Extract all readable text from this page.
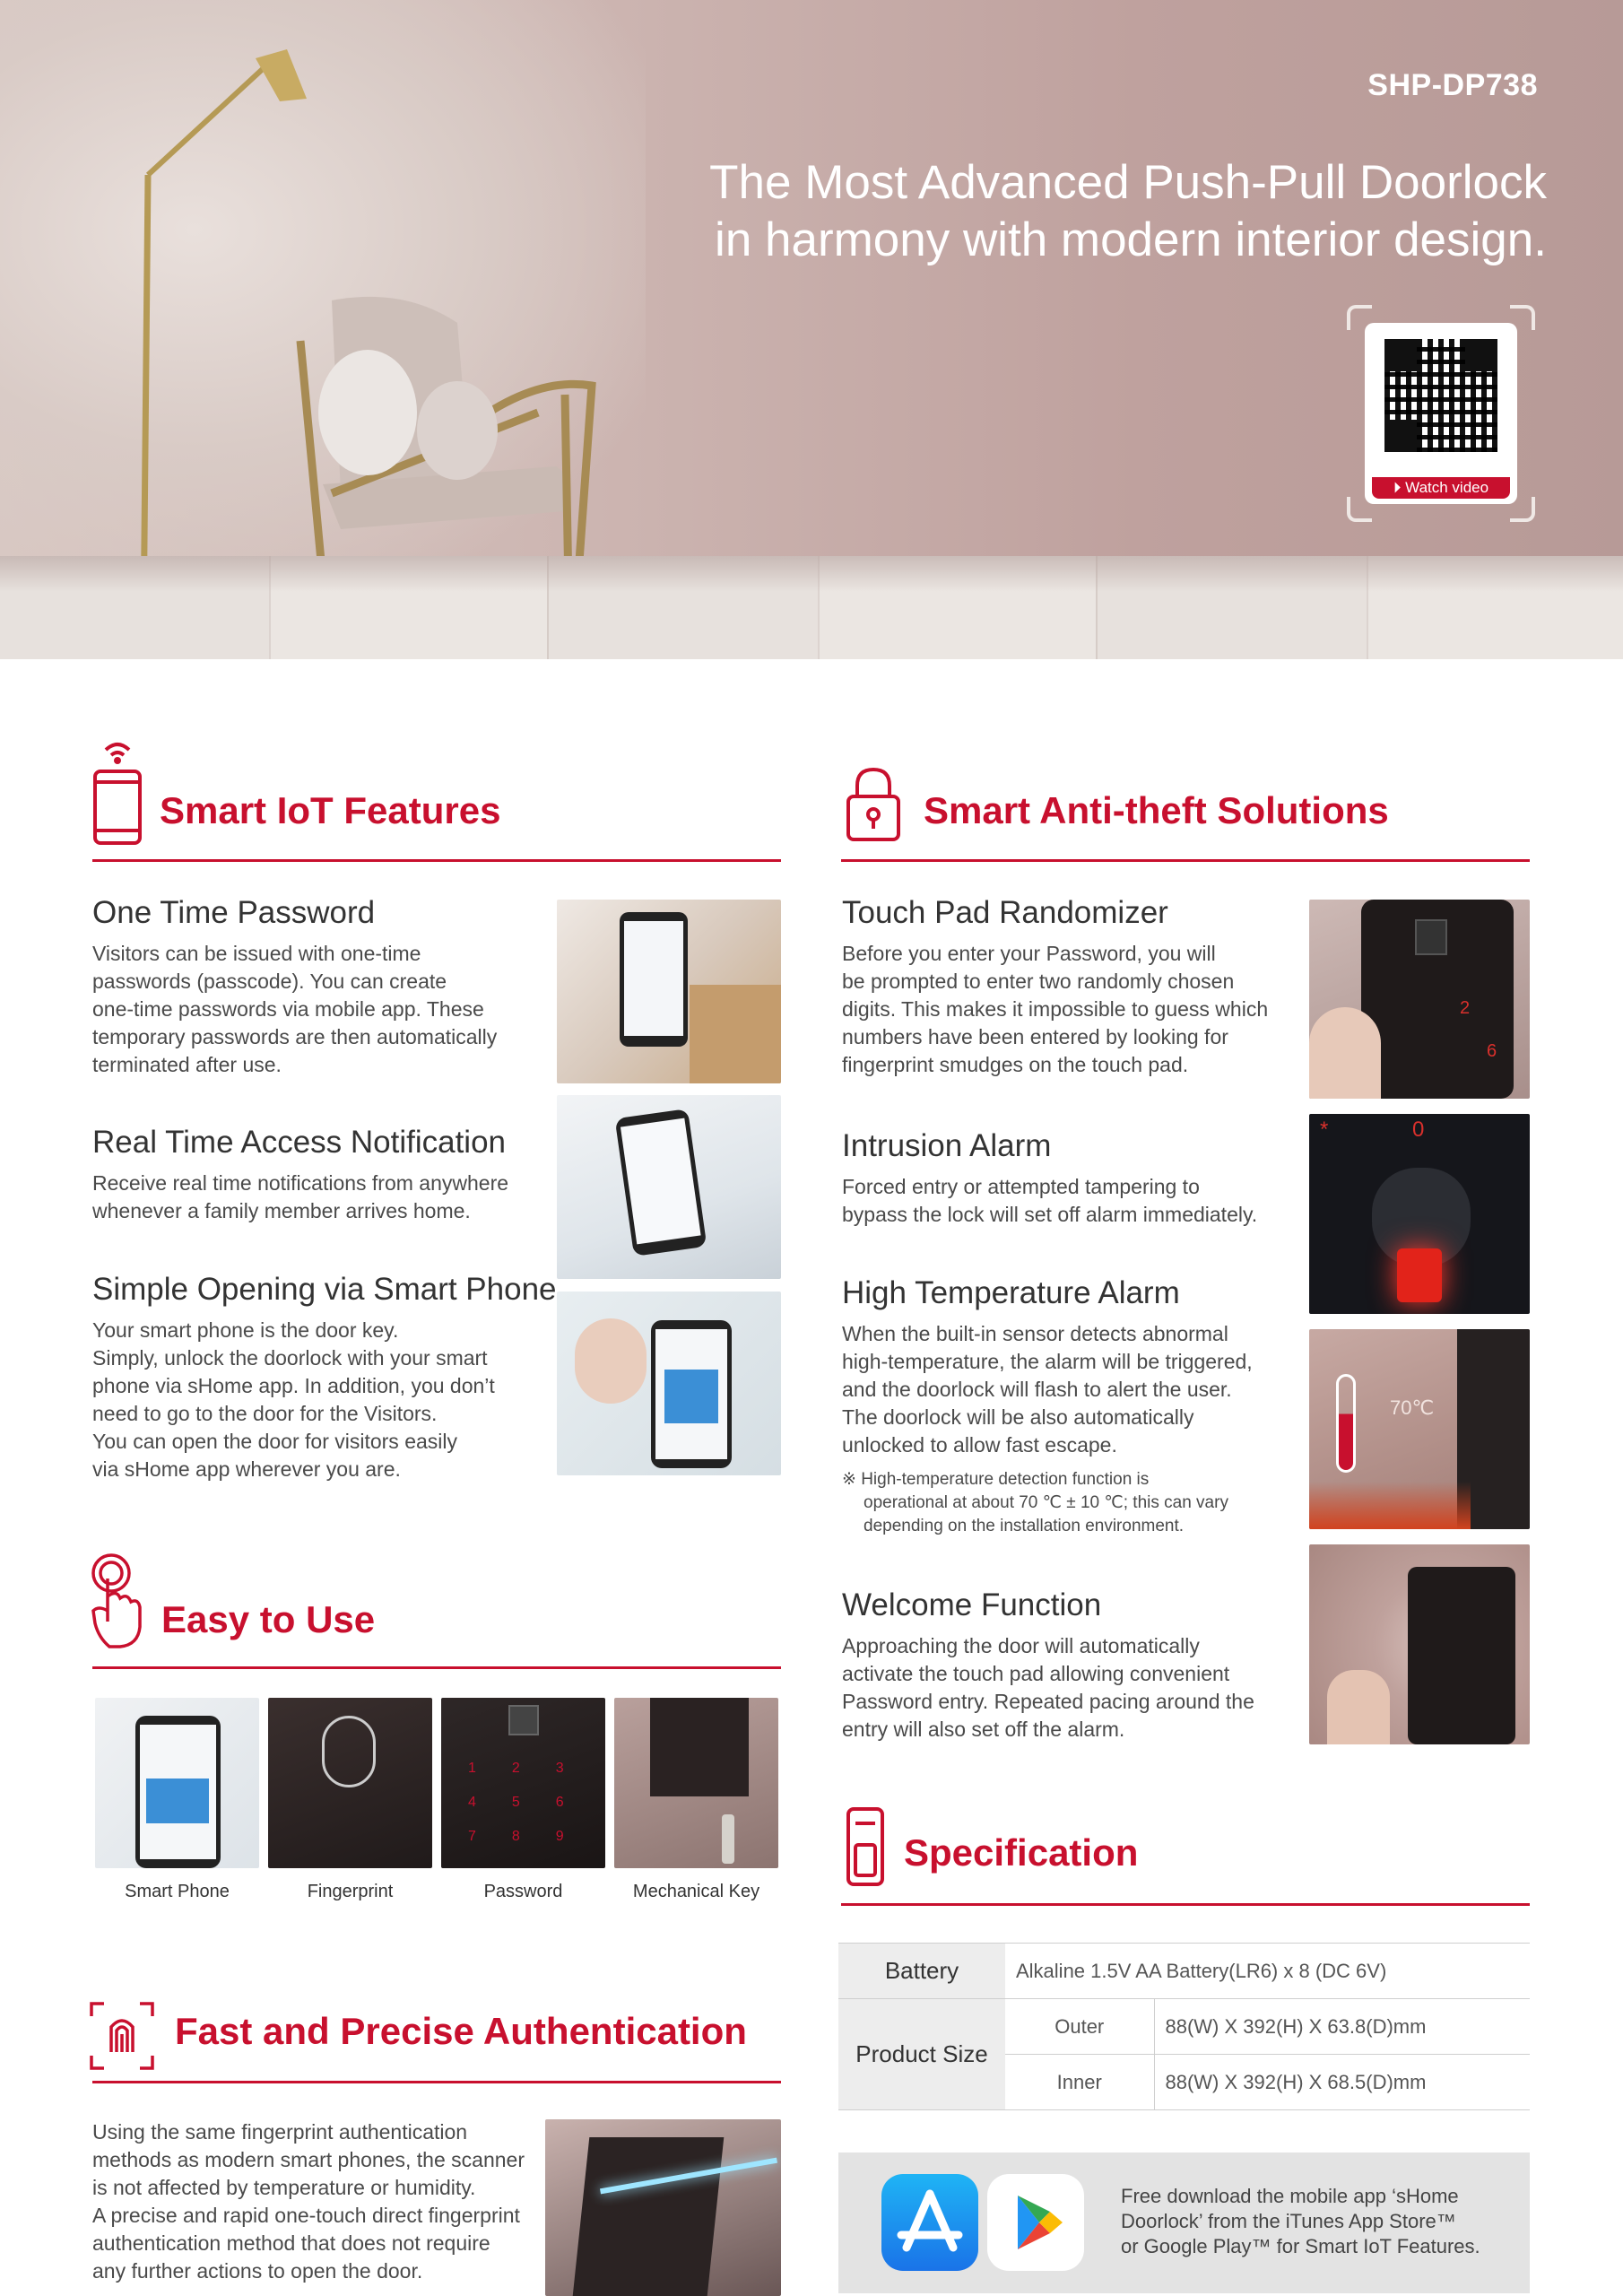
SHP-DP738
The Most Advanced Push-Pull Doorlock
in harmony with modern interior design.
⏵ Watch video
Smart IoT Features
One Time Password
Visitors can be issued with one-time
passwords (passcode). You can create
one-time passwords via mobile app. These
temporary passwords are then automatically
terminated after use.
Real Time Access Notification
Receive real time notifications from anywhere
whenever a family member arrives home.
Simple Opening via Smart Phone
Your smart phone is the door key.
Simply, unlock the doorlock with your smart
phone via sHome app. In addition, you don’t
need to go to the door for the Visitors.
You can open the door for visitors easily
via sHome app wherever you are.
Easy to Use
123
456
789
Smart Phone	Fingerprint	Password	Mechanical Key
Fast and Precise Authentication
Using the same fingerprint authentication
methods as modern smart phones, the scanner
is not affected by temperature or humidity.
A precise and rapid one-touch direct fingerprint
authentication method that does not require
any further actions to open the door.
Smart Anti-theft Solutions
Touch Pad Randomizer
Before you enter your Password, you will
be prompted to enter two randomly chosen
digits. This makes it impossible to guess which
numbers have been entered by looking for
fingerprint smudges on the touch pad.
2
6
Intrusion Alarm
Forced entry or attempted tampering to
bypass the lock will set off alarm immediately.
*	0
High Temperature Alarm
When the built-in sensor detects abnormal
high-temperature, the alarm will be triggered,
and the doorlock will flash to alert the user.
The doorlock will be also automatically
unlocked to allow fast escape.
※ High-temperature detection function is
operational at about 70 ℃ ± 10 ℃; this can vary
depending on the installation environment.
70℃
Welcome Function
Approaching the door will automatically
activate the touch pad allowing convenient
Password entry. Repeated pacing around the
entry will also set off the alarm.
Specification
Battery	Alkaline 1.5V AA Battery(LR6) x 8 (DC 6V)	
Product Size	Outer	88(W) X 392(H) X 63.8(D)mm
	Inner	88(W) X 392(H) X 68.5(D)mm
Free download the mobile app ‘sHome
Doorlock’ from the iTunes App Store™
or Google Play™ for Smart IoT Features.
